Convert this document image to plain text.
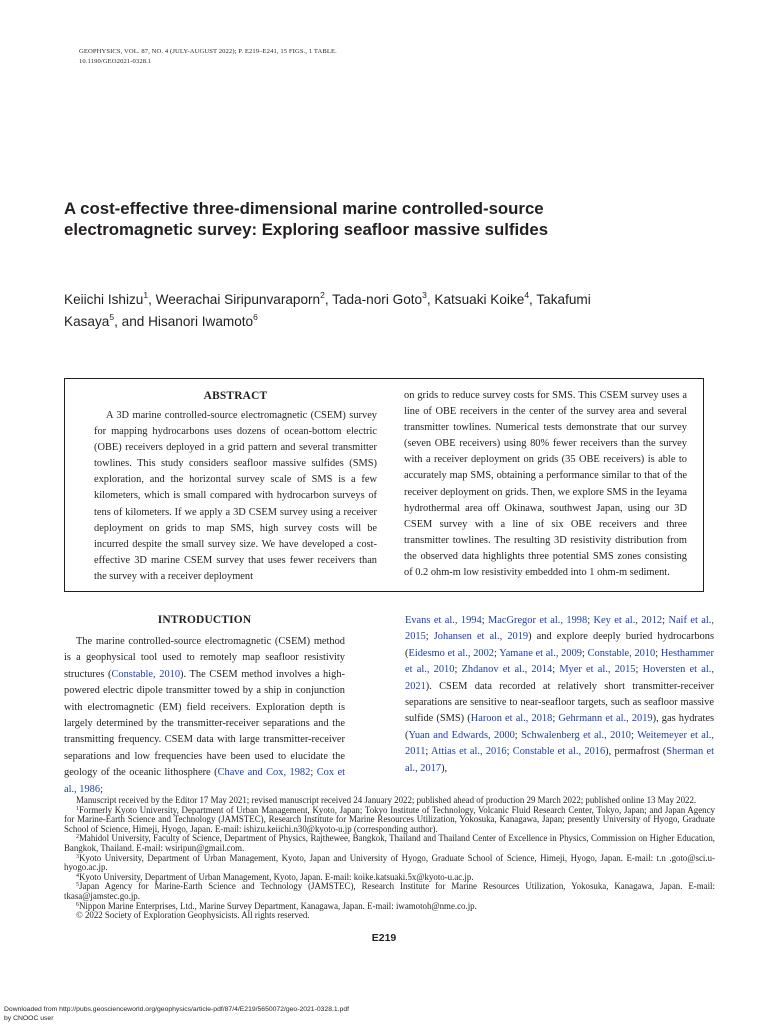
GEOPHYSICS, VOL. 87, NO. 4 (JULY-AUGUST 2022); P. E219–E241, 15 FIGS., 1 TABLE.
10.1190/GEO2021-0328.1
A cost-effective three-dimensional marine controlled-source
electromagnetic survey: Exploring seafloor massive sulfides
Keiichi Ishizu$^1$, Weerachai Siripunvaraporn$^2$, Tada-nori Goto$^3$, Katsuaki Koike$^4$, Takafumi
Kasaya$^5$, and Hisanori Iwamoto$^6$
ABSTRACT

A 3D marine controlled-source electromagnetic (CSEM) survey for mapping hydrocarbons uses dozens of ocean-bottom electric (OBE) receivers deployed in a grid pattern and several transmitter towlines. This study considers seafloor massive sulfides (SMS) exploration, and the horizontal survey scale of SMS is a few kilometers, which is small compared with hydrocarbon surveys of tens of kilometers. If we apply a 3D CSEM survey using a receiver deployment on grids to map SMS, high survey costs will be incurred despite the small survey size. We have developed a cost-effective 3D marine CSEM survey that uses fewer receivers than the survey with a receiver deployment

on grids to reduce survey costs for SMS. This CSEM survey uses a line of OBE receivers in the center of the survey area and several transmitter towlines. Numerical tests demonstrate that our survey (seven OBE receivers) using 80% fewer receivers than the survey with a receiver deployment on grids (35 OBE receivers) is able to accurately map SMS, obtaining a performance similar to that of the receiver deployment on grids. Then, we explore SMS in the Ieyama hydrothermal area off Okinawa, southwest Japan, using our 3D CSEM survey with a line of six OBE receivers and three transmitter towlines. The resulting 3D resistivity distribution from the observed data highlights three potential SMS zones consisting of 0.2 ohm-m low resistivity embedded into 1 ohm-m sediment.

INTRODUCTION

The marine controlled-source electromagnetic (CSEM) method is a geophysical tool used to remotely map seafloor resistivity structures (Constable, 2010). The CSEM method involves a high-powered electric dipole transmitter towed by a ship in conjunction with electromagnetic (EM) field receivers. Exploration depth is largely determined by the transmitter-receiver separations and the transmitting frequency. CSEM data with large transmitter-receiver separations and low frequencies have been used to elucidate the geology of the oceanic lithosphere (Chave and Cox, 1982; Cox et al., 1986;

Evans et al., 1994; MacGregor et al., 1998; Key et al., 2012; Naif et al., 2015; Johansen et al., 2019) and explore deeply buried hydrocarbons (Eidesmo et al., 2002; Yamane et al., 2009; Constable, 2010; Hesthammer et al., 2010; Zhdanov et al., 2014; Myer et al., 2015; Hoversten et al., 2021). CSEM data recorded at relatively short transmitter-receiver separations are sensitive to near-seafloor targets, such as seafloor massive sulfide (SMS) (Haroon et al., 2018; Gehrmann et al., 2019), gas hydrates (Yuan and Edwards, 2000; Schwalenberg et al., 2010; Weitemeyer et al., 2011; Attias et al., 2016; Constable et al., 2016), permafrost (Sherman et al., 2017),

Manuscript received by the Editor 17 May 2021; revised manuscript received 24 January 2022; published ahead of production 29 March 2022; published online 13 May 2022.

$^1$Formerly Kyoto University, Department of Urban Management, Kyoto, Japan; Tokyo Institute of Technology, Volcanic Fluid Research Center, Tokyo, Japan; and Japan Agency for Marine-Earth Science and Technology (JAMSTEC), Research Institute for Marine Resources Utilization, Yokosuka, Kanagawa, Japan; presently University of Hyogo, Graduate School of Science, Himeji, Hyogo, Japan. E-mail: ishizu.keiichi.n30@kyoto-u.jp (corresponding author).

$^2$Mahidol University, Faculty of Science, Department of Physics, Rajthewee, Bangkok, Thailand and Thailand Center of Excellence in Physics, Commission on Higher Education, Bangkok, Thailand. E-mail: wsiripun@gmail.com.

$^3$Kyoto University, Department of Urban Management, Kyoto, Japan and University of Hyogo, Graduate School of Science, Himeji, Hyogo, Japan. E-mail: t.n .goto@sci.u-hyogo.ac.jp.

$^4$Kyoto University, Department of Urban Management, Kyoto, Japan. E-mail: koike.katsuaki.5x@kyoto-u.ac.jp.

$^5$Japan Agency for Marine-Earth Science and Technology (JAMSTEC), Research Institute for Marine Resources Utilization, Yokosuka, Kanagawa, Japan. E-mail: tkasa@jamstec.go.jp.

$^6$Nippon Marine Enterprises, Ltd., Marine Survey Department, Kanagawa, Japan. E-mail: iwamotoh@nme.co.jp.

© 2022 Society of Exploration Geophysicists. All rights reserved.

E219
Downloaded from http://pubs.geoscienceworld.org/geophysics/article-pdf/87/4/E219/5650072/geo-2021-0328.1.pdf
by CNOOC user
